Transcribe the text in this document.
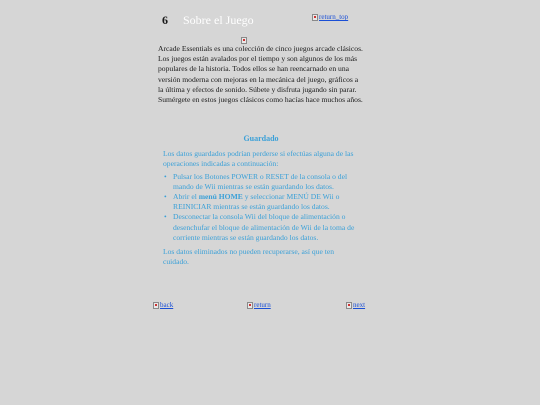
6 Sobre el Juego	return_top

Arcade Essentials es una colección de cinco juegos arcade clásicos. Los juegos están avalados por el tiempo y son algunos de los más populares de la historia. Todos ellos se han reencarnado en una versión moderna con mejoras en la mecánica del juego, gráficos a la última y efectos de sonido. Súbete y disfruta jugando sin parar. Sumérgete en estos juegos clásicos como hacías hace muchos años.

Guardado

Los datos guardados podrían perderse si efectúas alguna de las operaciones indicadas a continuación:

• Pulsar los Botones POWER o RESET de la consola o del mando de Wii mientras se están guardando los datos.
• Abrir el menú HOME y seleccionar MENÚ DE Wii o REINICIAR mientras se están guardando los datos.
• Desconectar la consola Wii del bloque de alimentación o desenchufar el bloque de alimentación de Wii de la toma de corriente mientras se están guardando los datos.

Los datos eliminados no pueden recuperarse, así que ten cuidado.

back	return	next
